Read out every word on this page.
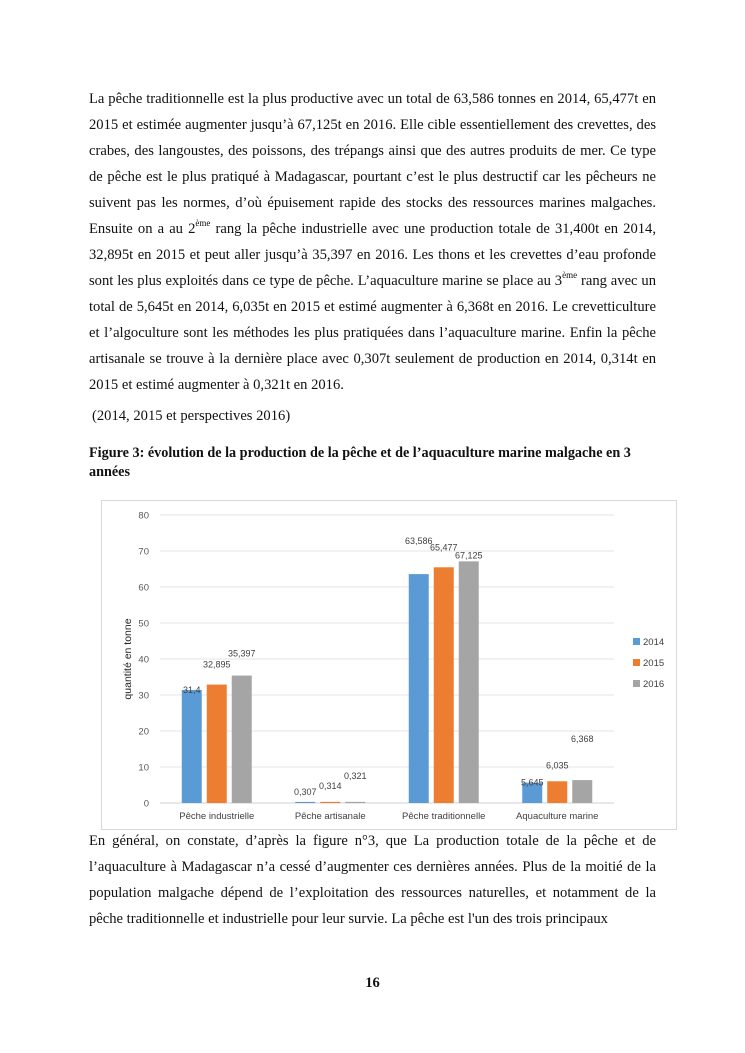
La pêche traditionnelle est la plus productive avec un total de 63,586 tonnes en 2014, 65,477t en 2015 et estimée augmenter jusqu’à 67,125t en 2016. Elle cible essentiellement des crevettes, des crabes, des langoustes, des poissons, des trépangs ainsi que des autres produits de mer. Ce type de pêche est le plus pratiqué à Madagascar, pourtant c’est le plus destructif car les pêcheurs ne suivent pas les normes, d’où épuisement rapide des stocks des ressources marines malgaches. Ensuite on a au 2ème rang la pêche industrielle avec une production totale de 31,400t en 2014, 32,895t en 2015 et peut aller jusqu’à 35,397 en 2016. Les thons et les crevettes d’eau profonde sont les plus exploités dans ce type de pêche. L’aquaculture marine se place au 3ème rang avec un total de 5,645t en 2014, 6,035t en 2015 et estimé augmenter à 6,368t en 2016. Le crevetticulture et l’algoculture sont les méthodes les plus pratiquées dans l’aquaculture marine. Enfin la pêche artisanale se trouve à la dernière place avec 0,307t seulement de production en 2014, 0,314t en 2015 et estimé augmenter à 0,321t en 2016.

(2014, 2015 et perspectives 2016)

Figure 3: évolution de la production de la pêche et de l’aquaculture marine malgache en 3 années

0
10
20
30
40
50
60
70
80
quantité en tonne	31,4
32,895
35,397
Pêche industrielle
0,307
0,314
0,321
Pêche artisanale
63,586
65,477
67,125
Pêche traditionnelle
5,645
6,035
6,368
Aquaculture marine
2014
2015
2016

En général, on constate, d’après la figure n°3, que La production totale de la pêche et de l’aquaculture à Madagascar n’a cessé d’augmenter ces dernières années. Plus de la moitié de la population malgache dépend de l’exploitation des ressources naturelles, et notamment de la pêche traditionnelle et industrielle pour leur survie. La pêche est l'un des trois principaux

16
